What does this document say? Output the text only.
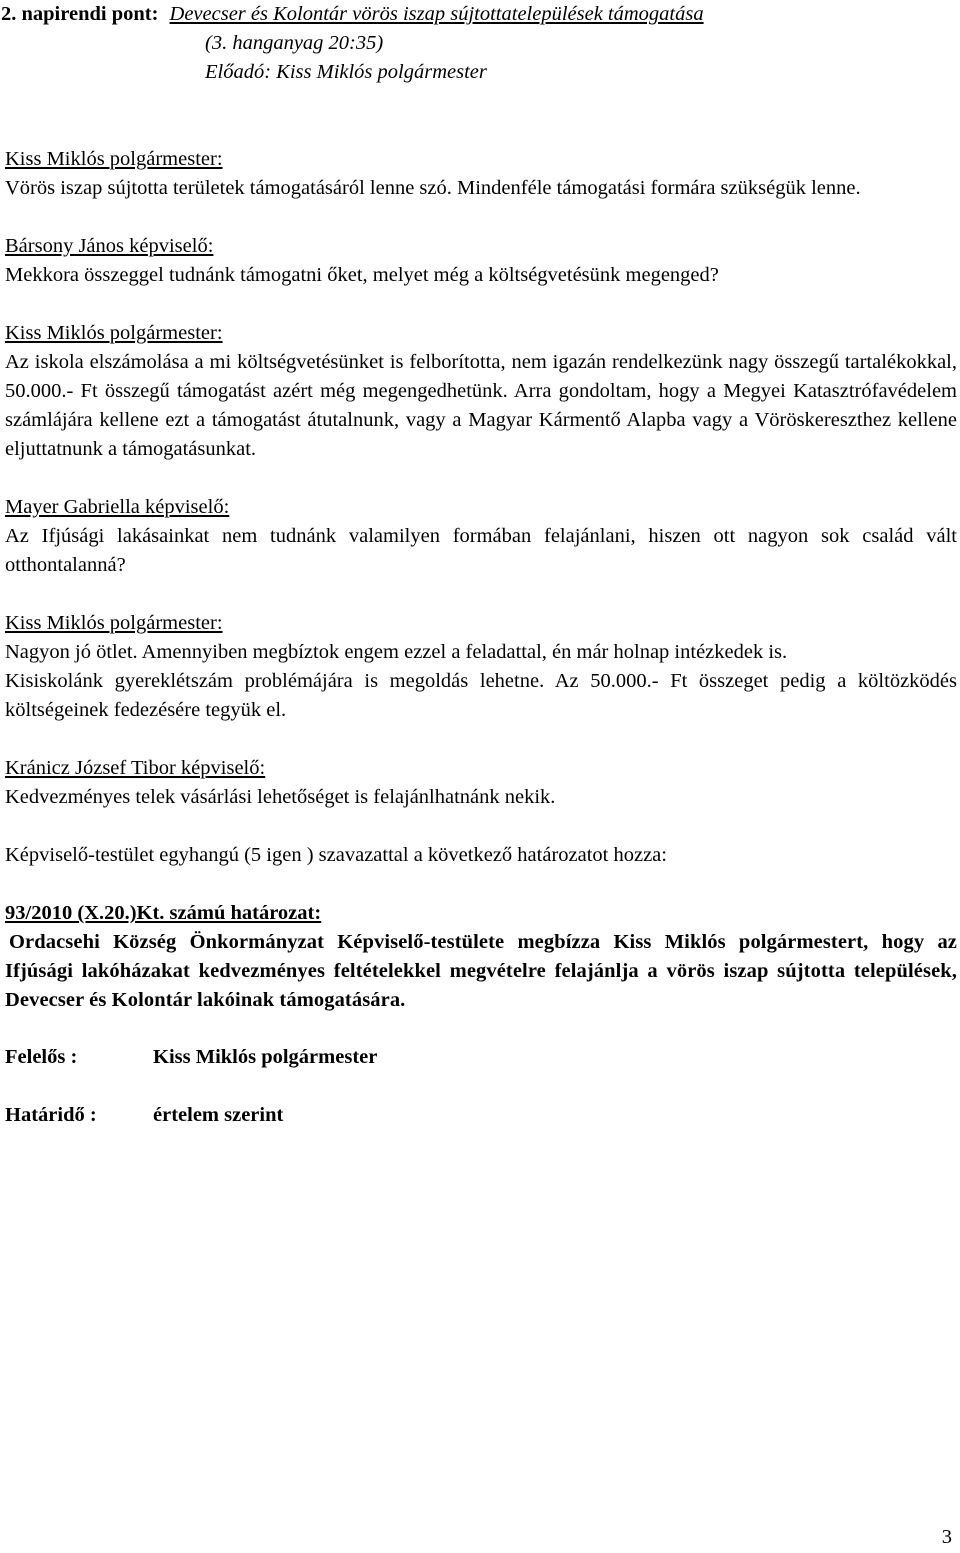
2. napirendi pont: Devecser és Kolontár vörös iszap sújtottatelepülések támogatása
(3. hanganyag 20:35)
Előadó: Kiss Miklós polgármester
Kiss Miklós polgármester:

Vörös iszap sújtotta területek támogatásáról lenne szó. Mindenféle támogatási formára szükségük lenne.

Bársony János képviselő:

Mekkora összeggel tudnánk támogatni őket, melyet még a költségvetésünk megenged?

Kiss Miklós polgármester:

Az iskola elszámolása a mi költségvetésünket is felborította, nem igazán rendelkezünk nagy összegű tartalékokkal, 50.000.- Ft összegű támogatást azért még megengedhetünk. Arra gondoltam, hogy a Megyei Katasztrófavédelem számlájára kellene ezt a támogatást átutalnunk, vagy a Magyar Kármentő Alapba vagy a Vöröskereszthez kellene eljuttatnunk a támogatásunkat.

Mayer Gabriella képviselő:

Az Ifjúsági lakásainkat nem tudnánk valamilyen formában felajánlani, hiszen ott nagyon sok család vált otthontalanná?

Kiss Miklós polgármester:

Nagyon jó ötlet. Amennyiben megbíztok engem ezzel a feladattal, én már holnap intézkedek is.

Kisiskolánk gyereklétszám problémájára is megoldás lehetne. Az 50.000.- Ft összeget pedig a költözködés költségeinek fedezésére tegyük el.

Kránicz József Tibor képviselő:

Kedvezményes telek vásárlási lehetőséget is felajánlhatnánk nekik.

Képviselő-testület egyhangú (5 igen ) szavazattal a következő határozatot hozza:

93/2010 (X.20.)Kt. számú határozat:

Ordacsehi Község Önkormányzat Képviselő-testülete megbízza Kiss Miklós polgármestert, hogy az Ifjúsági lakóházakat kedvezményes feltételekkel megvételre felajánlja a vörös iszap sújtotta települések, Devecser és Kolontár lakóinak támogatására.

Felelős :	Kiss Miklós polgármester
Határidő :	értelem szerint
3
